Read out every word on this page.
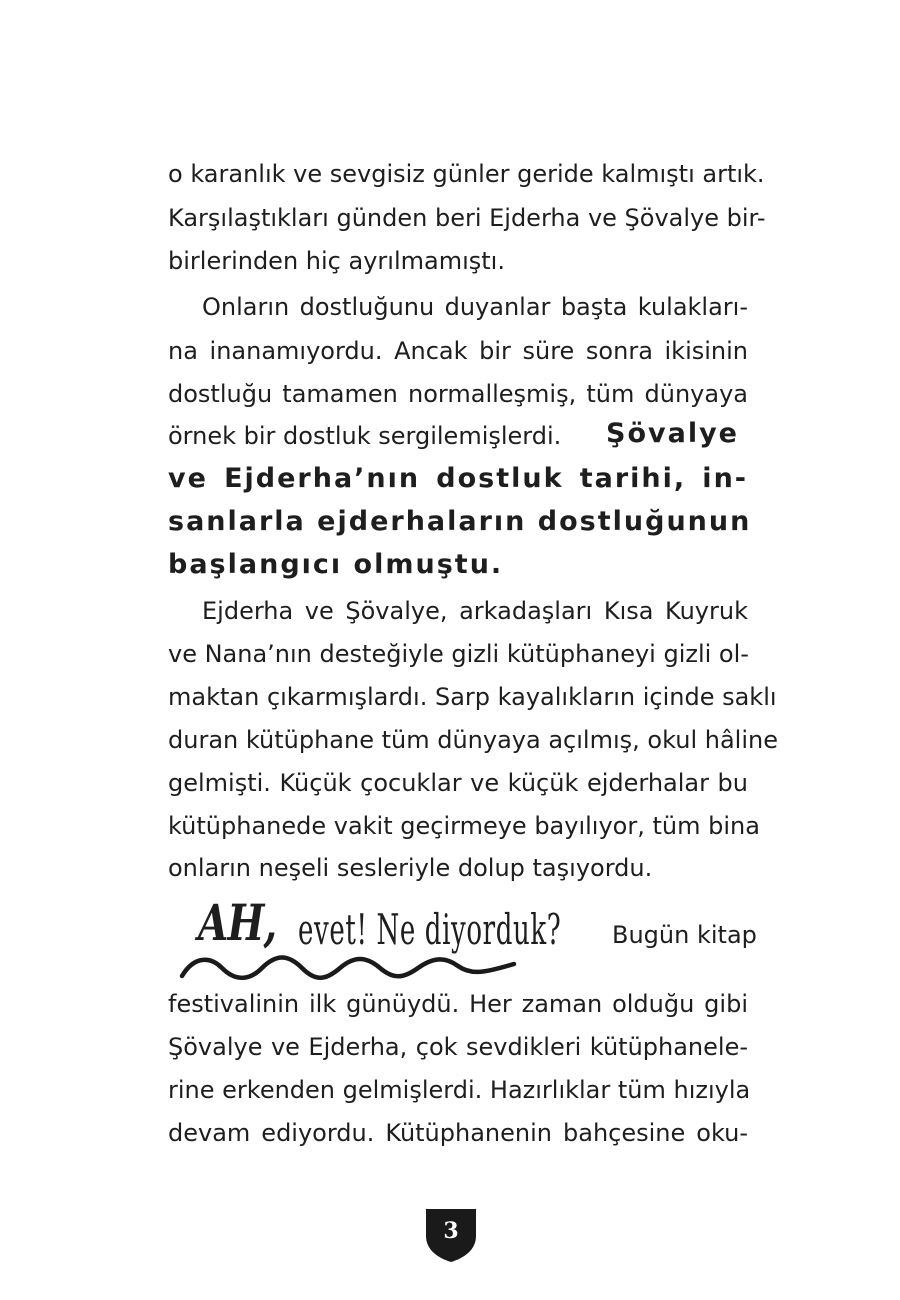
o karanlık ve sevgisiz günler geride kalmıştı artık.
Karşılaştıkları günden beri Ejderha ve Şövalye bir-
birlerinden hiç ayrılmamıştı.
Onların dostluğunu duyanlar başta kulakları-
na inanamıyordu. Ancak bir süre sonra ikisinin
dostluğu tamamen normalleşmiş, tüm dünyaya
örnek bir dostluk sergilemişlerdi. Şövalye
ve Ejderha’nın dostluk tarihi, in-
sanlarla ejderhaların dostluğunun
başlangıcı olmuştu.
Ejderha ve Şövalye, arkadaşları Kısa Kuyruk
ve Nana’nın desteğiyle gizli kütüphaneyi gizli ol-
maktan çıkarmışlardı. Sarp kayalıkların içinde saklı
duran kütüphane tüm dünyaya açılmış, okul hâline
gelmişti. Küçük çocuklar ve küçük ejderhalar bu
kütüphanede vakit geçirmeye bayılıyor, tüm bina
onların neşeli sesleriyle dolup taşıyordu.
festivalinin ilk günüydü. Her zaman olduğu gibi
Şövalye ve Ejderha, çok sevdikleri kütüphanele-
rine erkenden gelmişlerdi. Hazırlıklar tüm hızıyla
devam ediyordu. Kütüphanenin bahçesine oku-
AH, evet! Ne diyorduk? Bugün kitap
3
